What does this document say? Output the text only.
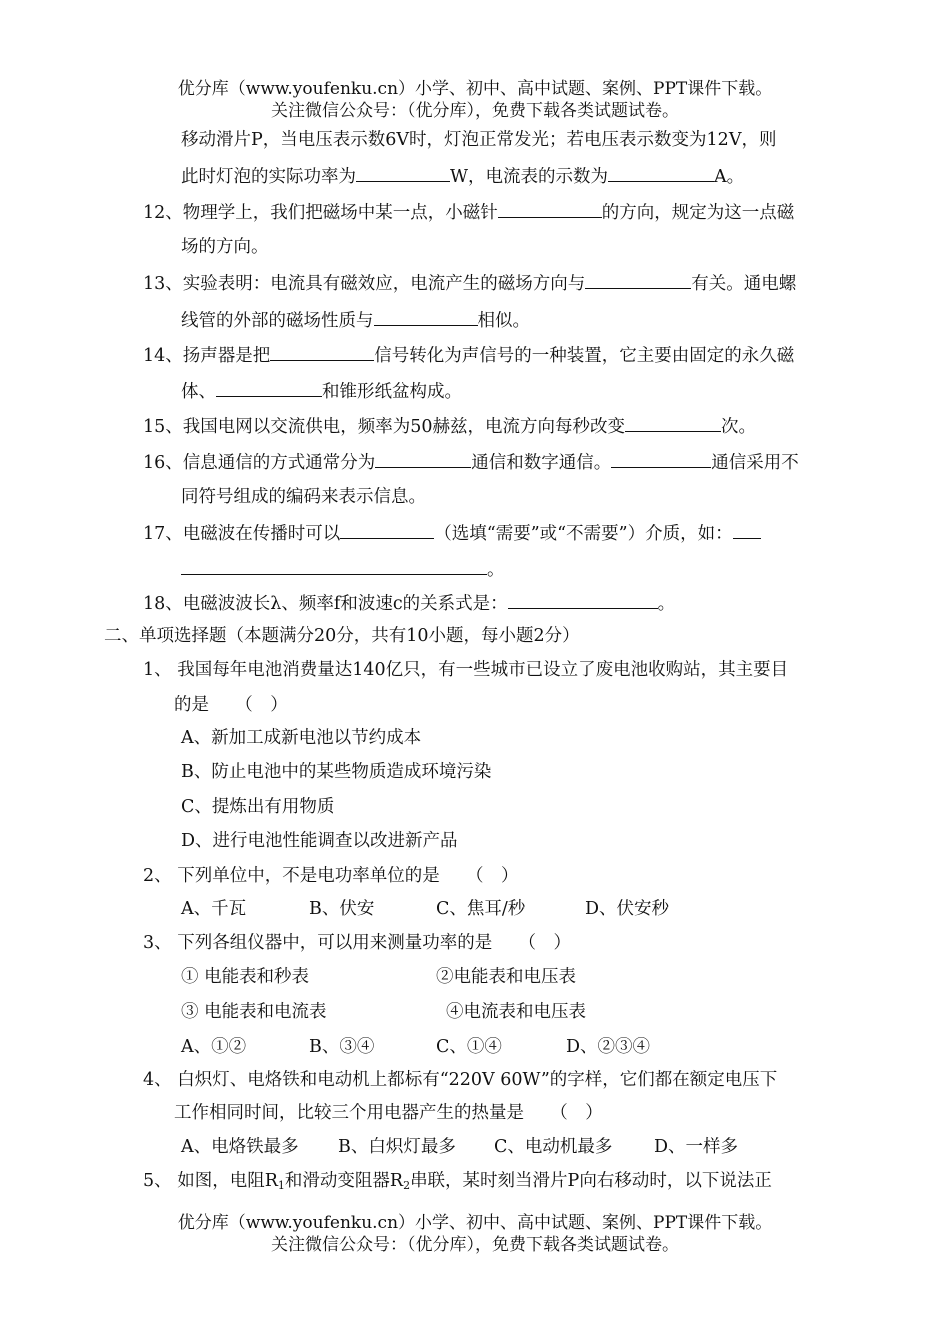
优分库（www.youfenku.cn）小学、初中、高中试题、案例、PPT课件下载。
关注微信公众号：（优分库），免费下载各类试题试卷。
移动滑片P，当电压表示数6V时，灯泡正常发光；若电压表示数变为12V，则
此时灯泡的实际功率为	W，电流表的示数为	A。
12、物理学上，我们把磁场中某一点，小磁针	的方向，规定为这一点磁
场的方向。
13、实验表明：电流具有磁效应，电流产生的磁场方向与	有关。通电螺
线管的外部的磁场性质与	相似。
14、扬声器是把	信号转化为声信号的一种装置，它主要由固定的永久磁
体、	和锥形纸盆构成。
15、我国电网以交流供电，频率为50赫兹，电流方向每秒改变	次。
16、信息通信的方式通常分为	通信和数字通信。	通信采用不
同符号组成的编码来表示信息。
17、电磁波在传播时可以	（选填“需要”或“不需要”）介质，如：
。
18、电磁波波长λ、频率f和波速c的关系式是：	。
二、单项选择题（本题满分20分，共有10小题，每小题2分）
1、 我国每年电池消费量达140亿只，有一些城市已设立了废电池收购站，其主要目
的是　　（　）
A、新加工成新电池以节约成本
B、防止电池中的某些物质造成环境污染
C、提炼出有用物质
D、进行电池性能调查以改进新产品
2、 下列单位中，不是电功率单位的是　　（　）
A、千瓦	B、伏安	C、焦耳/秒	D、伏安秒
3、 下列各组仪器中，可以用来测量功率的是　　（　）
① 电能表和秒表	②电能表和电压表
③ 电能表和电流表	④电流表和电压表
A、①②	B、③④	C、①④	D、②③④
4、 白炽灯、电烙铁和电动机上都标有“220V 60W”的字样，它们都在额定电压下
工作相同时间，比较三个用电器产生的热量是　　（　）
A、电烙铁最多 B、白炽灯最多 C、电动机最多 D、一样多
5、 如图，电阻$R_1$和滑动变阻器$R_2$串联，某时刻当滑片P向右移动时，以下说法正
优分库（www.youfenku.cn）小学、初中、高中试题、案例、PPT课件下载。
关注微信公众号：（优分库），免费下载各类试题试卷。
